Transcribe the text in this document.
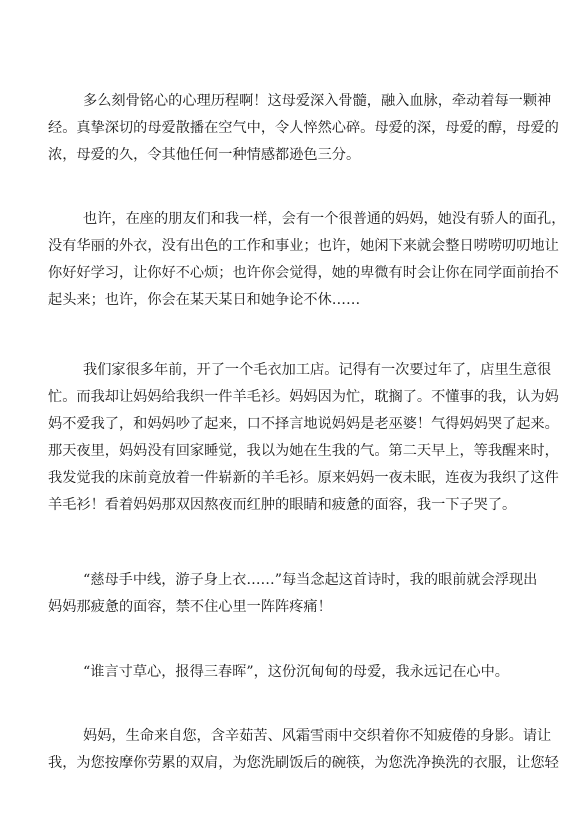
多么刻骨铭心的心理历程啊！这母爱深入骨髓，融入血脉，牵动着每一颗神
经。真挚深切的母爱散播在空气中，令人悴然心碎。母爱的深，母爱的醇，母爱的
浓，母爱的久，令其他任何一种情感都逊色三分。

也许，在座的朋友们和我一样，会有一个很普通的妈妈，她没有骄人的面孔，
没有华丽的外衣，没有出色的工作和事业；也许，她闲下来就会整日唠唠叨叨地让
你好好学习，让你好不心烦；也许你会觉得，她的卑微有时会让你在同学面前抬不
起头来；也许，你会在某天某日和她争论不休……

我们家很多年前，开了一个毛衣加工店。记得有一次要过年了，店里生意很
忙。而我却让妈妈给我织一件羊毛衫。妈妈因为忙，耽搁了。不懂事的我，认为妈
妈不爱我了，和妈妈吵了起来，口不择言地说妈妈是老巫婆！气得妈妈哭了起来。
那天夜里，妈妈没有回家睡觉，我以为她在生我的气。第二天早上，等我醒来时，
我发觉我的床前竟放着一件崭新的羊毛衫。原来妈妈一夜未眠，连夜为我织了这件
羊毛衫！看着妈妈那双因熬夜而红肿的眼睛和疲惫的面容，我一下子哭了。

“慈母手中线，游子身上衣……”每当念起这首诗时，我的眼前就会浮现出
妈妈那疲惫的面容，禁不住心里一阵阵疼痛！

“谁言寸草心，报得三春晖”，这份沉甸甸的母爱，我永远记在心中。

妈妈，生命来自您，含辛茹苦、风霜雪雨中交织着你不知疲倦的身影。请让
我，为您按摩你劳累的双肩，为您洗刷饭后的碗筷，为您洗净换洗的衣服，让您轻
